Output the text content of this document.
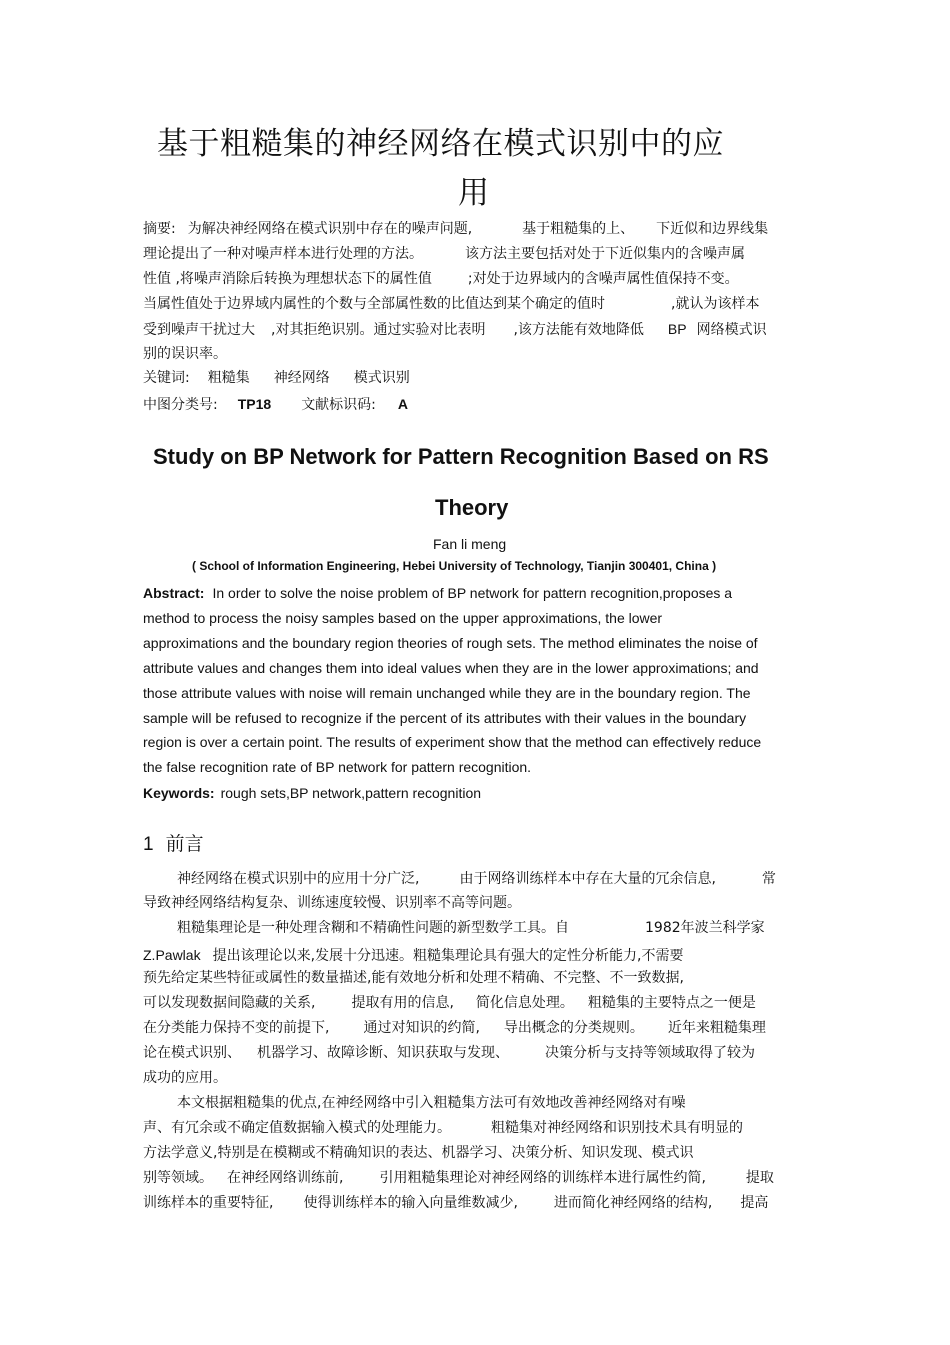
基于粗糙集的神经网络在模式识别中的应
用
摘要: 为解决神经网络在模式识别中存在的噪声问题,	基于粗糙集的上、 下近似和边界线集
理论提出了一种对噪声样本进行处理的方法。	该方法主要包括对处于下近似集内的含噪声属
性值 ,将噪声消除后转换为理想状态下的属性值	;对处于边界域内的含噪声属性值保持不变。
当属性值处于边界域内属性的个数与全部属性数的比值达到某个确定的值时	,就认为该样本
受到噪声干扰过大 ,对其拒绝识别。通过实验对比表明 ,该方法能有效地降低 BP 网络模式识
别的误识率。
关键词: 粗糙集 神经网络 模式识别
中图分类号: TP18 文献标识码: A
Study on BP Network for Pattern Recognition Based on RS
Theory
Fan li meng
( School of Information Engineering, Hebei University of Technology, Tianjin 300401, China )
Abstract: In order to solve the noise problem of BP network for pattern recognition,proposes a
method to process the noisy samples based on the upper approximations, the lower
approximations and the boundary region theories of rough sets. The method eliminates the noise of
attribute values and changes them into ideal values when they are in the lower approximations; and
those attribute values with noise will remain unchanged while they are in the boundary region. The
sample will be refused to recognize if the percent of its attributes with their values in the boundary
region is over a certain point. The results of experiment show that the method can effectively reduce
the false recognition rate of BP network for pattern recognition.
Keywords: rough sets,BP network,pattern recognition
1 前言
神经网络在模式识别中的应用十分广泛,	由于网络训练样本中存在大量的冗余信息,	常
导致神经网络结构复杂、训练速度较慢、识别率不高等问题。
粗糙集理论是一种处理含糊和不精确性问题的新型数学工具。自	1982年波兰科学家
Z.Pawlak 提出该理论以来,发展十分迅速。粗糙集理论具有强大的定性分析能力,不需要
预先给定某些特征或属性的数量描述,能有效地分析和处理不精确、不完整、不一致数据,
可以发现数据间隐藏的关系,	提取有用的信息, 简化信息处理。 粗糙集的主要特点之一便是
在分类能力保持不变的前提下, 通过对知识的约简, 导出概念的分类规则。 近年来粗糙集理
论在模式识别、 机器学习、故障诊断、知识获取与发现、	决策分析与支持等领域取得了较为
成功的应用。
本文根据粗糙集的优点,在神经网络中引入粗糙集方法可有效地改善神经网络对有噪
声、有冗余或不确定值数据输入模式的处理能力。	粗糙集对神经网络和识别技术具有明显的
方法学意义,特别是在模糊或不精确知识的表达、机器学习、决策分析、知识发现、模式识
别等领域。 在神经网络训练前,	引用粗糙集理论对神经网络的训练样本进行属性约简,	提取
训练样本的重要特征, 使得训练样本的输入向量维数减少,	进而简化神经网络的结构, 提高
